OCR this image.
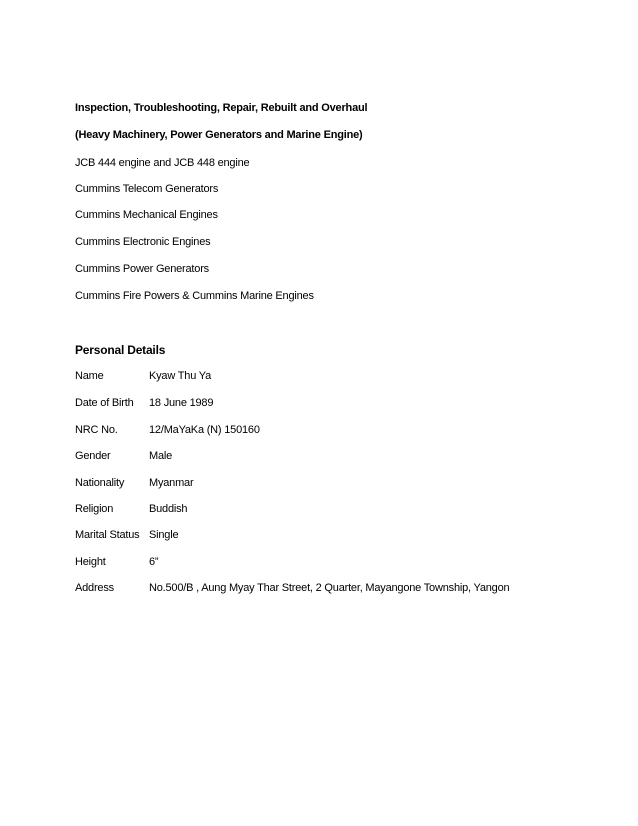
Inspection, Troubleshooting, Repair, Rebuilt and Overhaul
(Heavy Machinery, Power Generators and Marine Engine)
JCB 444 engine and JCB 448 engine
Cummins Telecom Generators
Cummins Mechanical Engines
Cummins Electronic Engines
Cummins Power Generators
Cummins Fire Powers & Cummins Marine Engines
Personal Details
Name	Kyaw Thu Ya
Date of Birth 18 June 1989
NRC No.	12/MaYaKa (N) 150160
Gender	Male
Nationality Myanmar
Religion	Buddish
Marital Status Single
Height	6”
Address	No.500/B , Aung Myay Thar Street, 2 Quarter, Mayangone Township, Yangon
